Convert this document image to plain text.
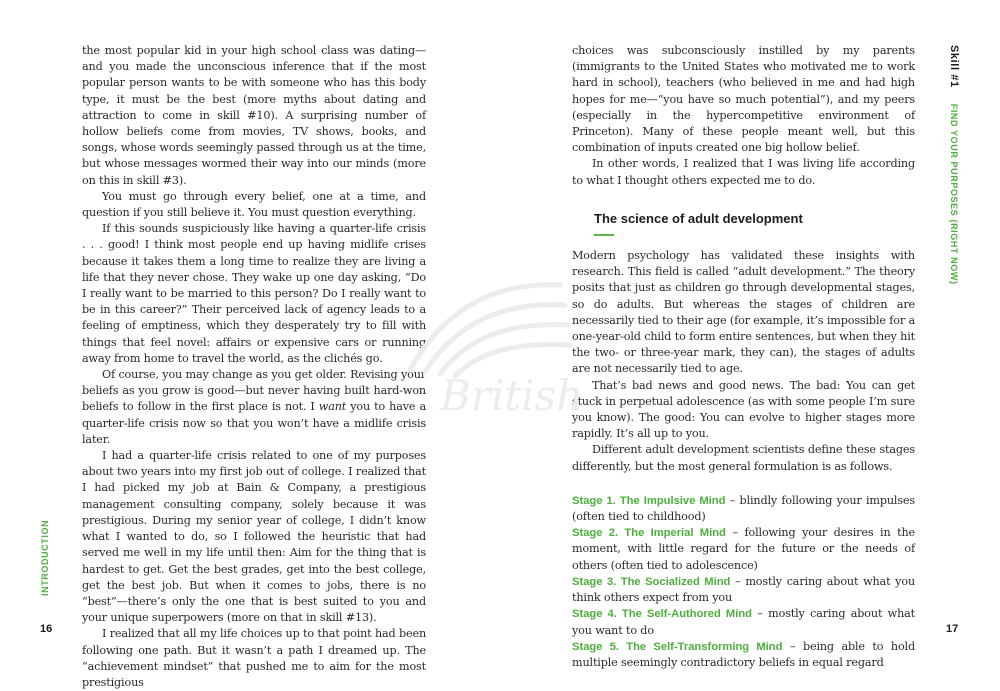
the most popular kid in your high school class was dating—and you made the unconscious inference that if the most popular person wants to be with someone who has this body type, it must be the best (more myths about dating and attraction to come in skill #10). A surprising number of hollow beliefs come from movies, TV shows, books, and songs, whose words seemingly passed through us at the time, but whose messages wormed their way into our minds (more on this in skill #3).

You must go through every belief, one at a time, and question if you still believe it. You must question everything.

If this sounds suspiciously like having a quarter-life crisis . . . good! I think most people end up having midlife crises because it takes them a long time to realize they are living a life that they never chose. They wake up one day asking, “Do I really want to be married to this person? Do I really want to be in this career?” Their perceived lack of agency leads to a feeling of emptiness, which they desperately try to fill with things that feel novel: affairs or expensive cars or running away from home to travel the world, as the clichés go.

Of course, you may change as you get older. Revising your beliefs as you grow is good—but never having built hard-won beliefs to follow in the first place is not. I want you to have a quarter-life crisis now so that you won’t have a midlife crisis later.

I had a quarter-life crisis related to one of my purposes about two years into my first job out of college. I realized that I had picked my job at Bain & Company, a prestigious management consulting company, solely because it was prestigious. During my senior year of college, I didn’t know what I wanted to do, so I followed the heuristic that had served me well in my life until then: Aim for the thing that is hardest to get. Get the best grades, get into the best college, get the best job. But when it comes to jobs, there is no “best”—there’s only the one that is best suited to you and your unique superpowers (more on that in skill #13).

I realized that all my life choices up to that point had been following one path. But it wasn’t a path I dreamed up. The “achievement mindset” that pushed me to aim for the most prestigious

INTRODUCTION
16

choices was subconsciously instilled by my parents (immigrants to the United States who motivated me to work hard in school), teachers (who believed in me and had high hopes for me—“you have so much potential”), and my peers (especially in the hypercompetitive environment of Princeton). Many of these people meant well, but this combination of inputs created one big hollow belief.

In other words, I realized that I was living life according to what I thought others expected me to do.

The science of adult development

Modern psychology has validated these insights with research. This field is called “adult development.” The theory posits that just as children go through developmental stages, so do adults. But whereas the stages of children are necessarily tied to their age (for example, it’s impossible for a one-year-old child to form entire sentences, but when they hit the two- or three-year mark, they can), the stages of adults are not necessarily tied to age.

That’s bad news and good news. The bad: You can get stuck in perpetual adolescence (as with some people I’m sure you know). The good: You can evolve to higher stages more rapidly. It’s all up to you.

Different adult development scientists define these stages differently, but the most general formulation is as follows.

Stage 1. The Impulsive Mind – blindly following your impulses (often tied to childhood)

Stage 2. The Imperial Mind – following your desires in the moment, with little regard for the future or the needs of others (often tied to adolescence)

Stage 3. The Socialized Mind – mostly caring about what you think others expect from you

Stage 4. The Self-Authored Mind – mostly caring about what you want to do

Stage 5. The Self-Transforming Mind – being able to hold multiple seemingly contradictory beliefs in equal regard

17
Skill #1FIND YOUR PURPOSES (RIGHT NOW)
British
